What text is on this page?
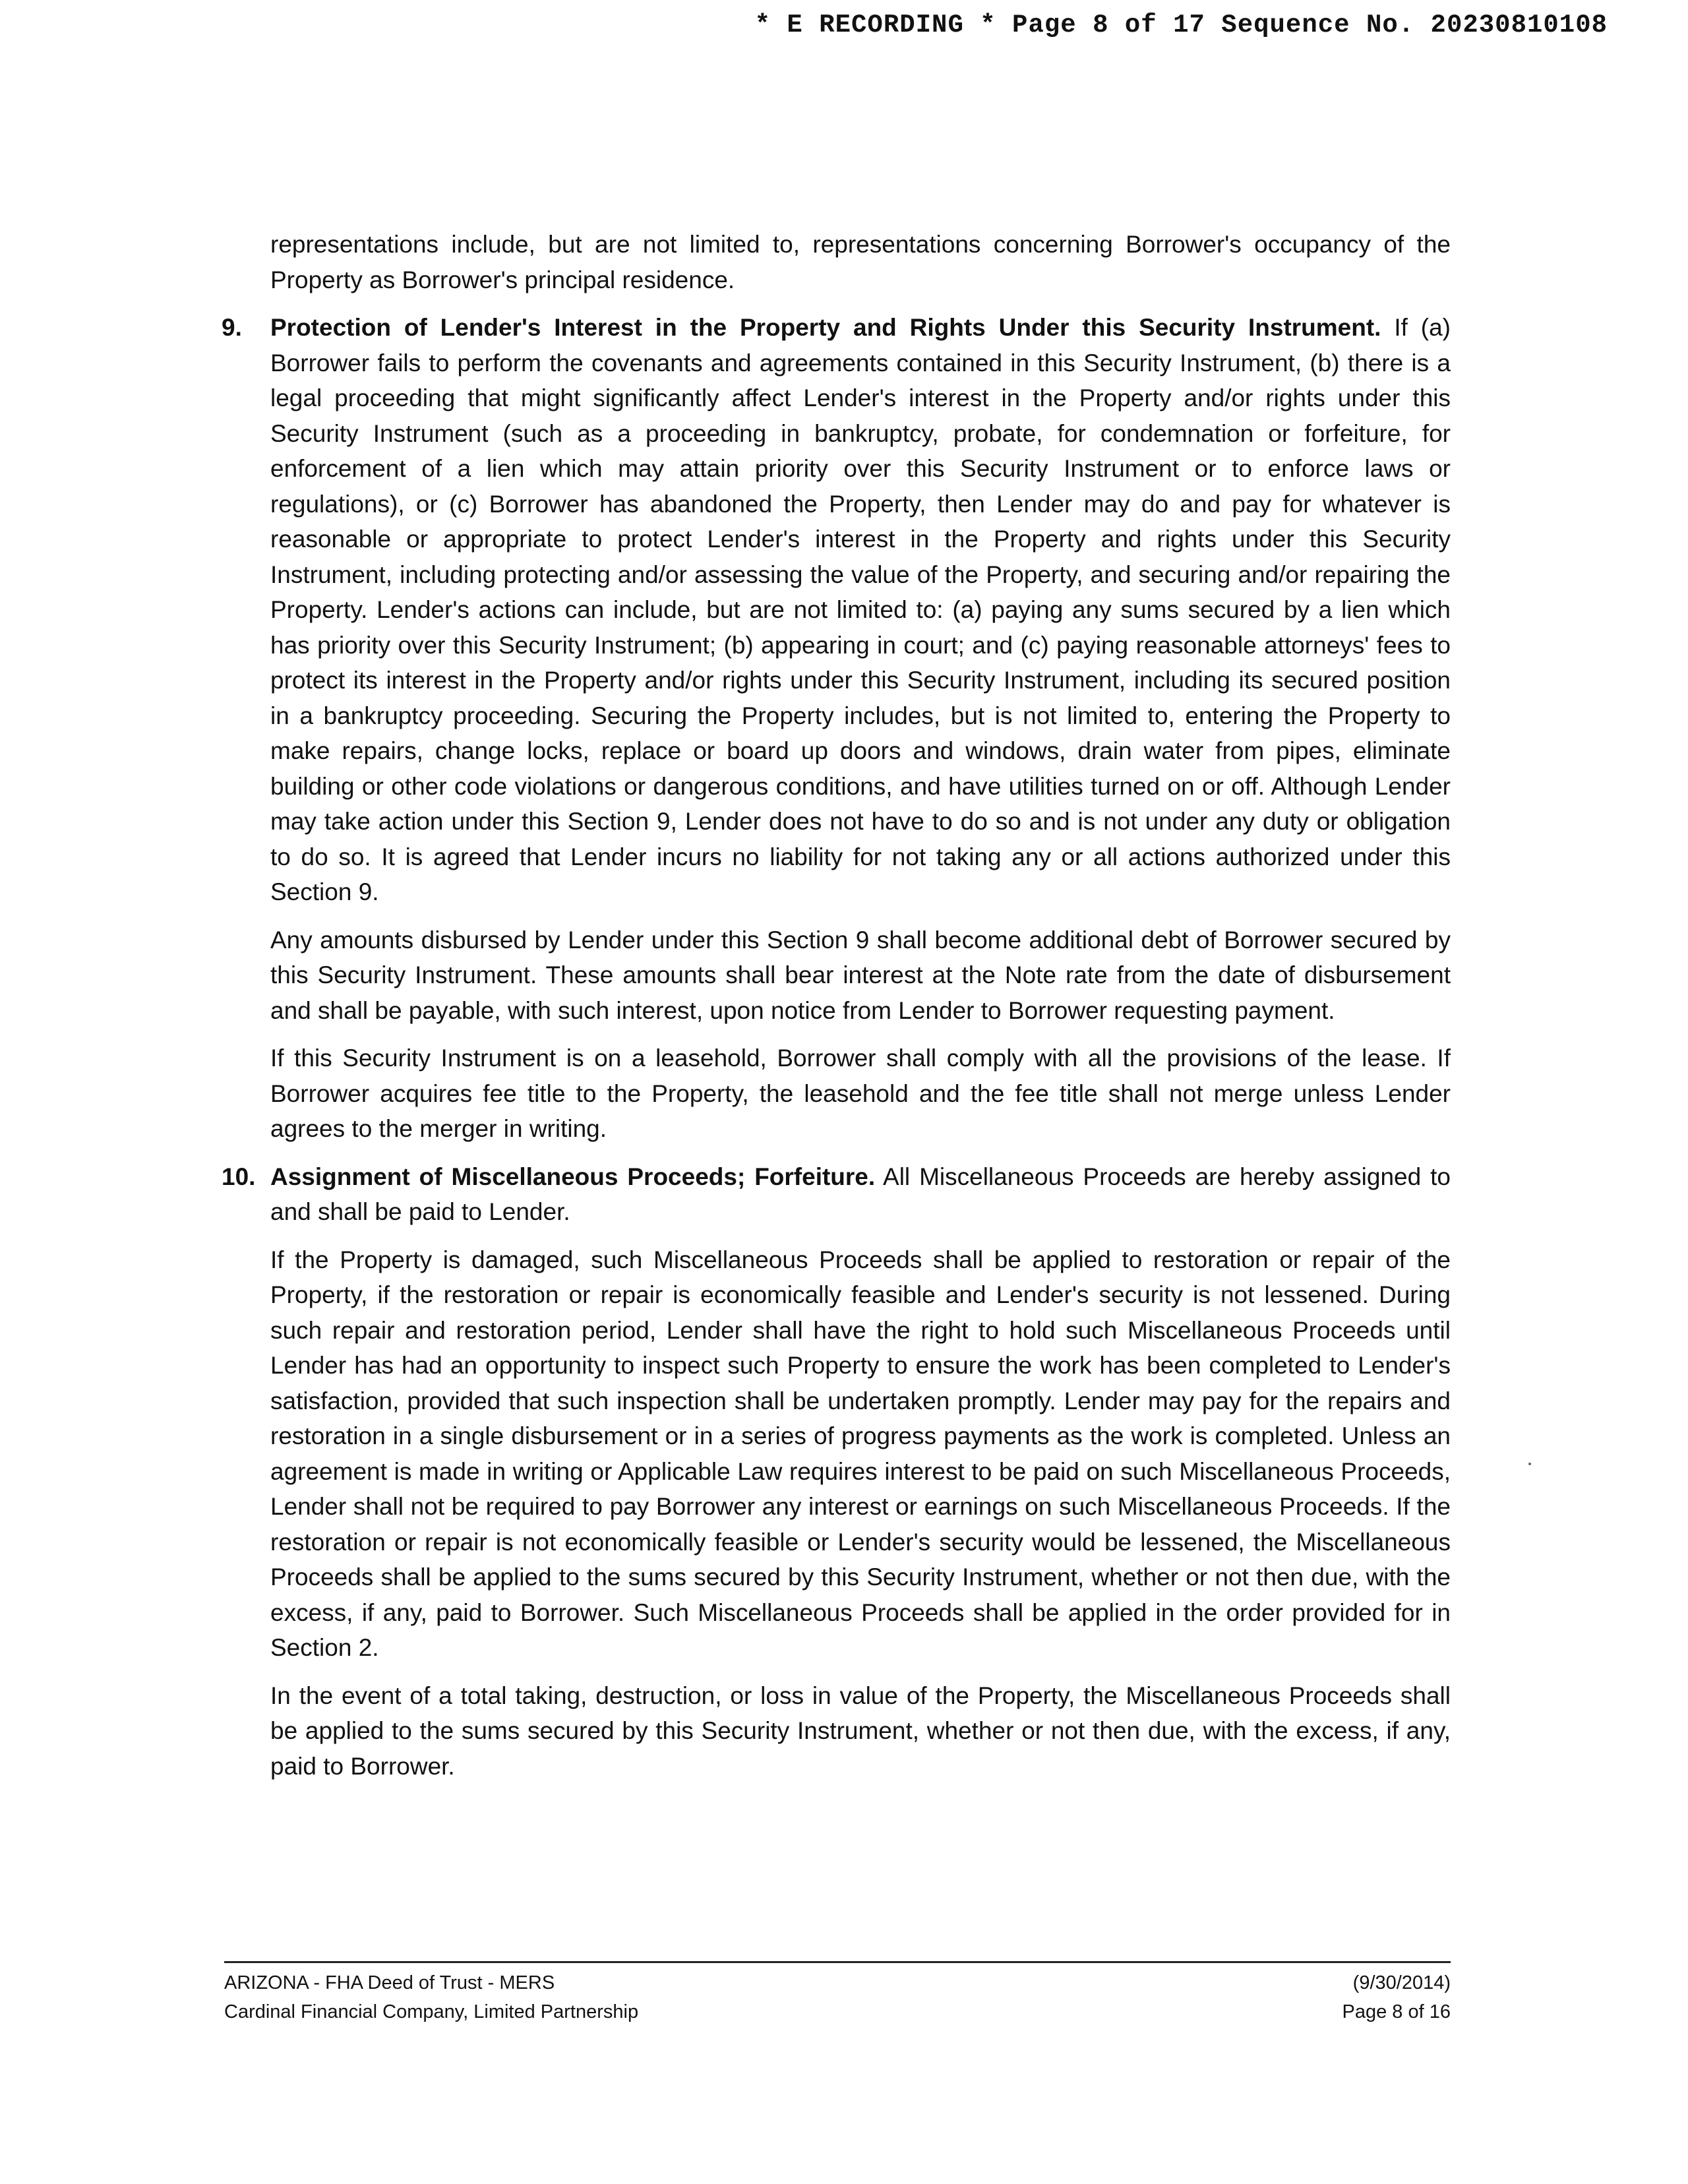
* E RECORDING * Page 8 of 17 Sequence No. 20230810108

representations include, but are not limited to, representations concerning Borrower's occupancy of the Property as Borrower's principal residence.

9. Protection of Lender's Interest in the Property and Rights Under this Security Instrument. If (a) Borrower fails to perform the covenants and agreements contained in this Security Instrument, (b) there is a legal proceeding that might significantly affect Lender's interest in the Property and/or rights under this Security Instrument (such as a proceeding in bankruptcy, probate, for condemnation or forfeiture, for enforcement of a lien which may attain priority over this Security Instrument or to enforce laws or regulations), or (c) Borrower has abandoned the Property, then Lender may do and pay for whatever is reasonable or appropriate to protect Lender's interest in the Property and rights under this Security Instrument, including protecting and/or assessing the value of the Property, and securing and/or repairing the Property. Lender's actions can include, but are not limited to: (a) paying any sums secured by a lien which has priority over this Security Instrument; (b) appearing in court; and (c) paying reasonable attorneys' fees to protect its interest in the Property and/or rights under this Security Instrument, including its secured position in a bankruptcy proceeding. Securing the Property includes, but is not limited to, entering the Property to make repairs, change locks, replace or board up doors and windows, drain water from pipes, eliminate building or other code violations or dangerous conditions, and have utilities turned on or off. Although Lender may take action under this Section 9, Lender does not have to do so and is not under any duty or obligation to do so. It is agreed that Lender incurs no liability for not taking any or all actions authorized under this Section 9.

Any amounts disbursed by Lender under this Section 9 shall become additional debt of Borrower secured by this Security Instrument. These amounts shall bear interest at the Note rate from the date of disbursement and shall be payable, with such interest, upon notice from Lender to Borrower requesting payment.

If this Security Instrument is on a leasehold, Borrower shall comply with all the provisions of the lease. If Borrower acquires fee title to the Property, the leasehold and the fee title shall not merge unless Lender agrees to the merger in writing.

10. Assignment of Miscellaneous Proceeds; Forfeiture. All Miscellaneous Proceeds are hereby assigned to and shall be paid to Lender.

If the Property is damaged, such Miscellaneous Proceeds shall be applied to restoration or repair of the Property, if the restoration or repair is economically feasible and Lender's security is not lessened. During such repair and restoration period, Lender shall have the right to hold such Miscellaneous Proceeds until Lender has had an opportunity to inspect such Property to ensure the work has been completed to Lender's satisfaction, provided that such inspection shall be undertaken promptly. Lender may pay for the repairs and restoration in a single disbursement or in a series of progress payments as the work is completed. Unless an agreement is made in writing or Applicable Law requires interest to be paid on such Miscellaneous Proceeds, Lender shall not be required to pay Borrower any interest or earnings on such Miscellaneous Proceeds. If the restoration or repair is not economically feasible or Lender's security would be lessened, the Miscellaneous Proceeds shall be applied to the sums secured by this Security Instrument, whether or not then due, with the excess, if any, paid to Borrower. Such Miscellaneous Proceeds shall be applied in the order provided for in Section 2.

In the event of a total taking, destruction, or loss in value of the Property, the Miscellaneous Proceeds shall be applied to the sums secured by this Security Instrument, whether or not then due, with the excess, if any, paid to Borrower.

ARIZONA - FHA Deed of Trust - MERS
Cardinal Financial Company, Limited Partnership
(9/30/2014)
Page 8 of 16
